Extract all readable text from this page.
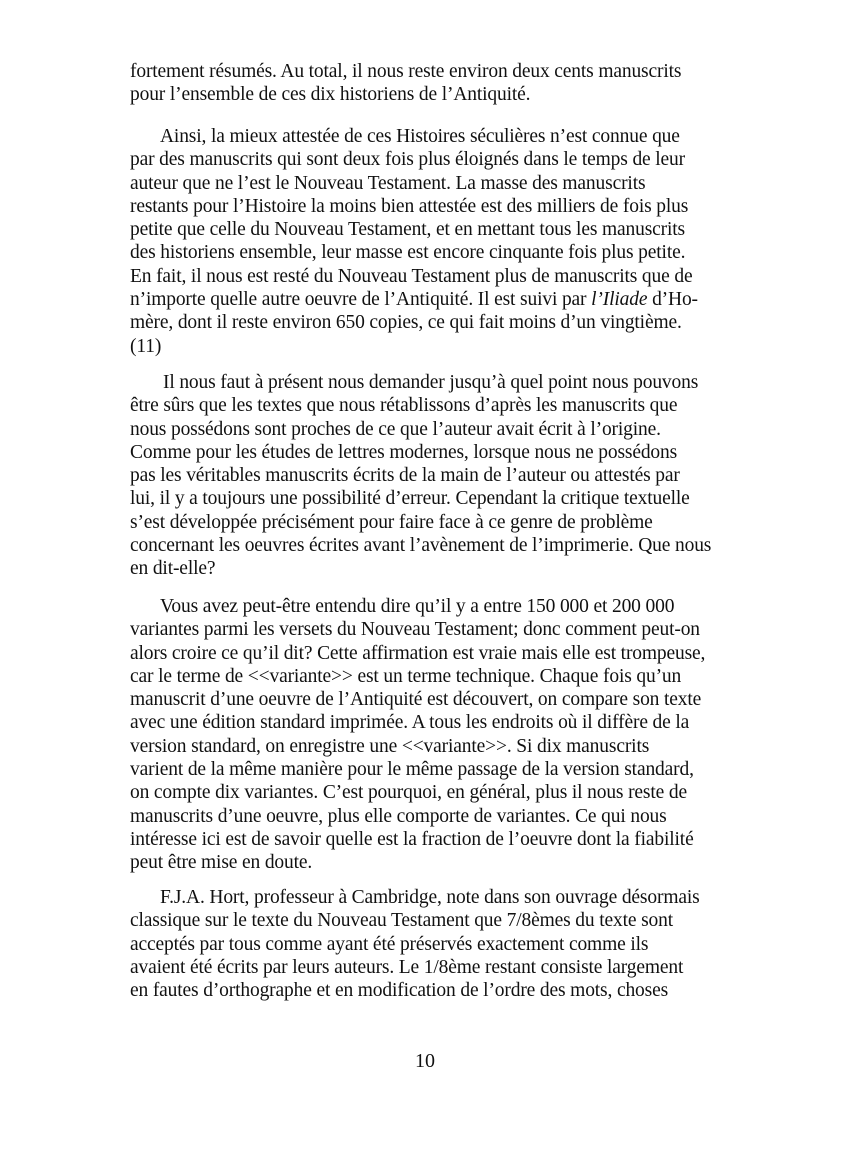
fortement résumés. Au total, il nous reste environ deux cents manuscrits
pour l’ensemble de ces dix historiens de l’Antiquité.
Ainsi, la mieux attestée de ces Histoires séculières n’est connue que
par des manuscrits qui sont deux fois plus éloignés dans le temps de leur
auteur que ne l’est le Nouveau Testament. La masse des manuscrits
restants pour l’Histoire la moins bien attestée est des milliers de fois plus
petite que celle du Nouveau Testament, et en mettant tous les manuscrits
des historiens ensemble, leur masse est encore cinquante fois plus petite.
En fait, il nous est resté du Nouveau Testament plus de manuscrits que de
n’importe quelle autre oeuvre de l’Antiquité. Il est suivi par l’Iliade d’Ho-
mère, dont il reste environ 650 copies, ce qui fait moins d’un vingtième.
(11)
Il nous faut à présent nous demander jusqu’à quel point nous pouvons
être sûrs que les textes que nous rétablissons d’après les manuscrits que
nous possédons sont proches de ce que l’auteur avait écrit à l’origine.
Comme pour les études de lettres modernes, lorsque nous ne possédons
pas les véritables manuscrits écrits de la main de l’auteur ou attestés par
lui, il y a toujours une possibilité d’erreur. Cependant la critique textuelle
s’est développée précisément pour faire face à ce genre de problème
concernant les oeuvres écrites avant l’avènement de l’imprimerie. Que nous
en dit-elle?
Vous avez peut-être entendu dire qu’il y a entre 150 000 et 200 000
variantes parmi les versets du Nouveau Testament; donc comment peut-on
alors croire ce qu’il dit? Cette affirmation est vraie mais elle est trompeuse,
car le terme de <<variante>> est un terme technique. Chaque fois qu’un
manuscrit d’une oeuvre de l’Antiquité est découvert, on compare son texte
avec une édition standard imprimée. A tous les endroits où il diffère de la
version standard, on enregistre une <<variante>>. Si dix manuscrits
varient de la même manière pour le même passage de la version standard,
on compte dix variantes. C’est pourquoi, en général, plus il nous reste de
manuscrits d’une oeuvre, plus elle comporte de variantes. Ce qui nous
intéresse ici est de savoir quelle est la fraction de l’oeuvre dont la fiabilité
peut être mise en doute.
F.J.A. Hort, professeur à Cambridge, note dans son ouvrage désormais
classique sur le texte du Nouveau Testament que 7/8èmes du texte sont
acceptés par tous comme ayant été préservés exactement comme ils
avaient été écrits par leurs auteurs. Le 1/8ème restant consiste largement
en fautes d’orthographe et en modification de l’ordre des mots, choses
10
